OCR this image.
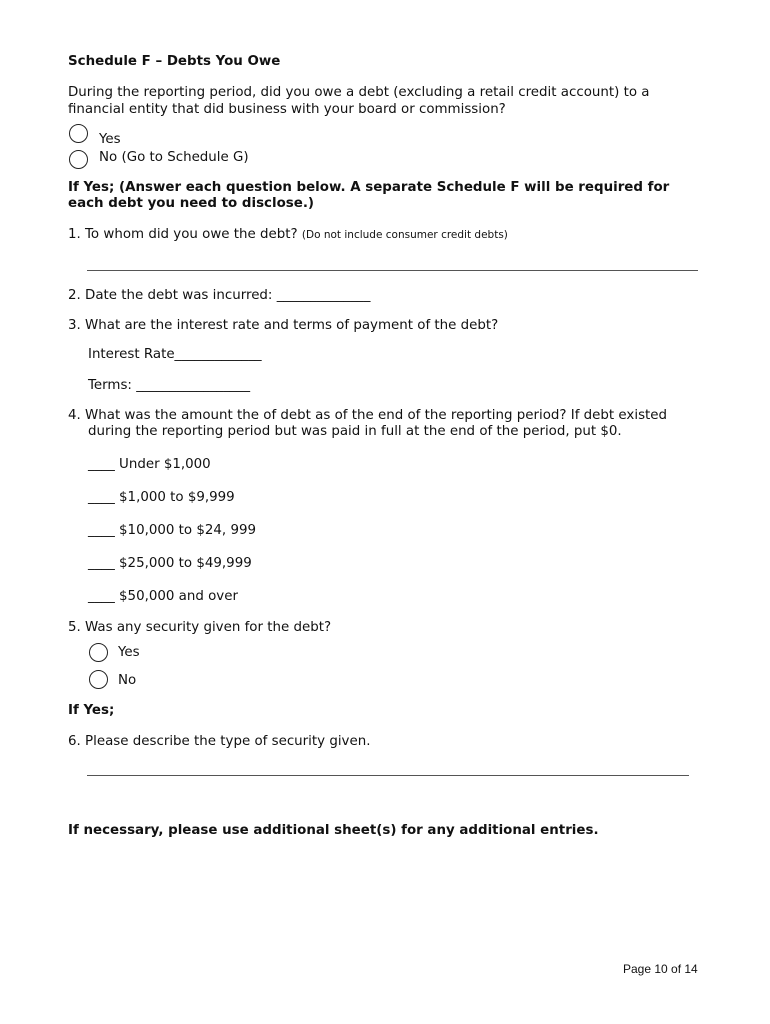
Schedule F – Debts You Owe
During the reporting period, did you owe a debt (excluding a retail credit account) to a
financial entity that did business with your board or commission?
Yes
No (Go to Schedule G)
If Yes; (Answer each question below. A separate Schedule F will be required for
each debt you need to disclose.)
1. To whom did you owe the debt? (Do not include consumer credit debts)
2. Date the debt was incurred: ______________
3. What are the interest rate and terms of payment of the debt?
Interest Rate_____________
Terms: _________________
4. What was the amount the of debt as of the end of the reporting period? If debt existed
during the reporting period but was paid in full at the end of the period, put $0.
____ Under $1,000
____ $1,000 to $9,999
____ $10,000 to $24, 999
____ $25,000 to $49,999
____ $50,000 and over
5. Was any security given for the debt?
Yes
No
If Yes;
6. Please describe the type of security given.
If necessary, please use additional sheet(s) for any additional entries.
Page 10 of 14
